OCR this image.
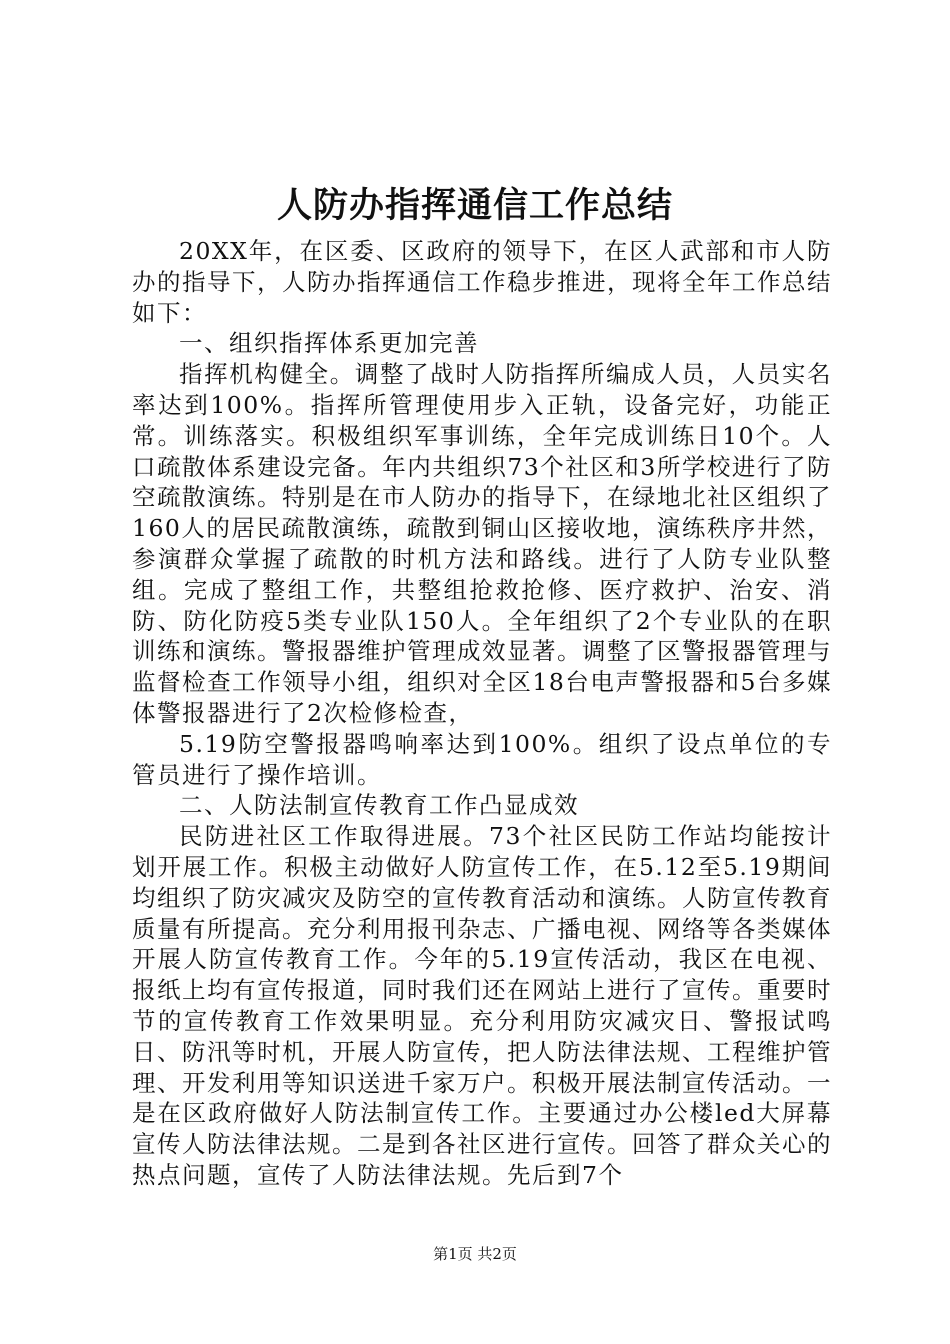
人防办指挥通信工作总结

20XX年，在区委、区政府的领导下，在区人武部和市人防办的指导下，人防办指挥通信工作稳步推进，现将全年工作总结如下：

一、组织指挥体系更加完善

指挥机构健全。调整了战时人防指挥所编成人员，人员实名率达到100%。指挥所管理使用步入正轨，设备完好，功能正常。训练落实。积极组织军事训练，全年完成训练日10个。人口疏散体系建设完备。年内共组织73个社区和3所学校进行了防空疏散演练。特别是在市人防办的指导下，在绿地北社区组织了160人的居民疏散演练，疏散到铜山区接收地，演练秩序井然，参演群众掌握了疏散的时机方法和路线。进行了人防专业队整组。完成了整组工作，共整组抢救抢修、医疗救护、治安、消防、防化防疫5类专业队150人。全年组织了2个专业队的在职训练和演练。警报器维护管理成效显著。调整了区警报器管理与监督检查工作领导小组，组织对全区18台电声警报器和5台多媒体警报器进行了2次检修检查，

5.19防空警报器鸣响率达到100%。组织了设点单位的专管员进行了操作培训。

二、人防法制宣传教育工作凸显成效

民防进社区工作取得进展。73个社区民防工作站均能按计划开展工作。积极主动做好人防宣传工作，在5.12至5.19期间均组织了防灾减灾及防空的宣传教育活动和演练。人防宣传教育质量有所提高。充分利用报刊杂志、广播电视、网络等各类媒体开展人防宣传教育工作。今年的5.19宣传活动，我区在电视、报纸上均有宣传报道，同时我们还在网站上进行了宣传。重要时节的宣传教育工作效果明显。充分利用防灾减灾日、警报试鸣日、防汛等时机，开展人防宣传，把人防法律法规、工程维护管理、开发利用等知识送进千家万户。积极开展法制宣传活动。一是在区政府做好人防法制宣传工作。主要通过办公楼led大屏幕宣传人防法律法规。二是到各社区进行宣传。回答了群众关心的热点问题，宣传了人防法律法规。先后到7个

第1页 共2页
